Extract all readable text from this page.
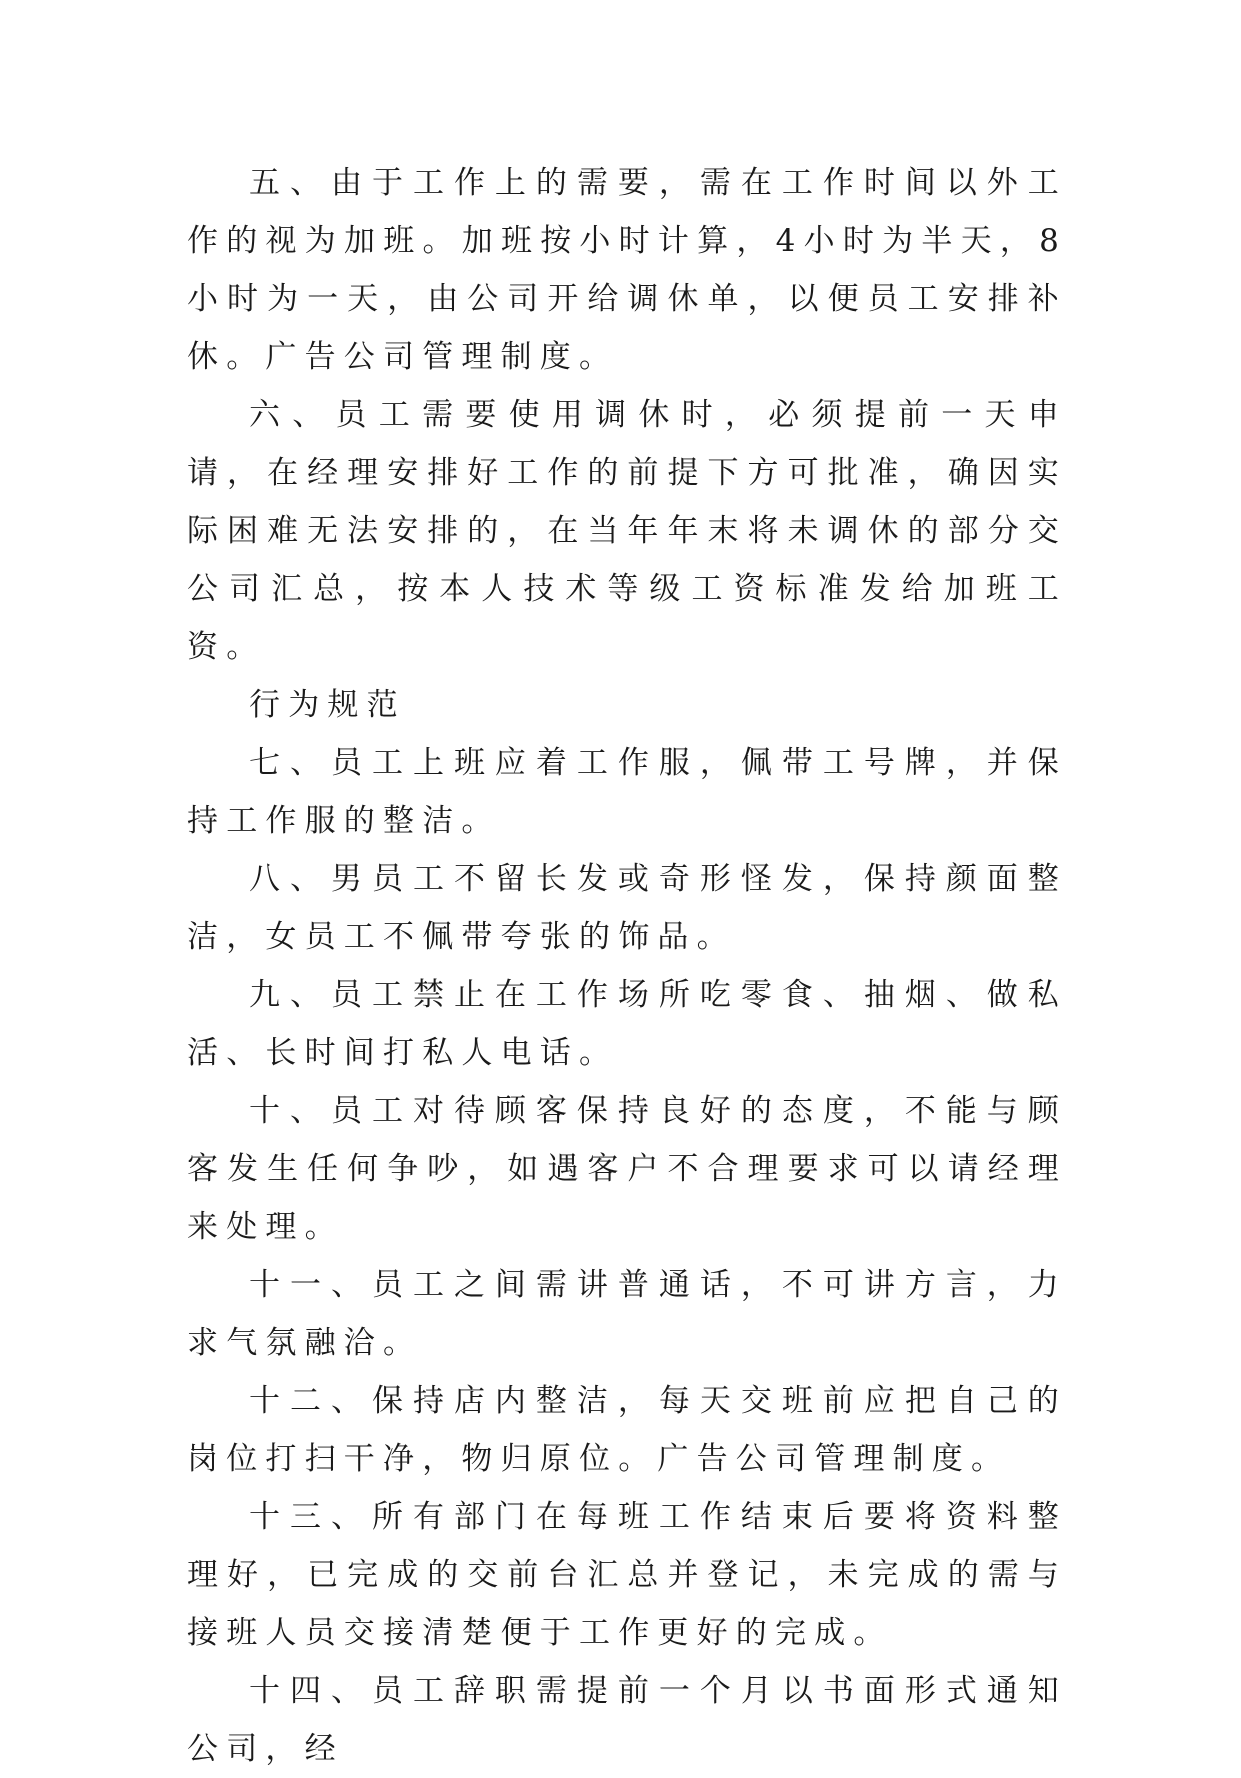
五、由于工作上的需要，需在工作时间以外工作的视为加班。加班按小时计算，4小时为半天，8小时为一天，由公司开给调休单，以便员工安排补休。广告公司管理制度。

六、员工需要使用调休时，必须提前一天申请，在经理安排好工作的前提下方可批准，确因实际困难无法安排的，在当年年末将未调休的部分交公司汇总，按本人技术等级工资标准发给加班工资。

行为规范

七、员工上班应着工作服，佩带工号牌，并保持工作服的整洁。

八、男员工不留长发或奇形怪发，保持颜面整洁，女员工不佩带夸张的饰品。

九、员工禁止在工作场所吃零食、抽烟、做私活、长时间打私人电话。

十、员工对待顾客保持良好的态度，不能与顾客发生任何争吵，如遇客户不合理要求可以请经理来处理。

十一、员工之间需讲普通话，不可讲方言，力求气氛融洽。

十二、保持店内整洁，每天交班前应把自己的岗位打扫干净，物归原位。广告公司管理制度。

十三、所有部门在每班工作结束后要将资料整理好，已完成的交前台汇总并登记，未完成的需与接班人员交接清楚便于工作更好的完成。

十四、员工辞职需提前一个月以书面形式通知公司，经
